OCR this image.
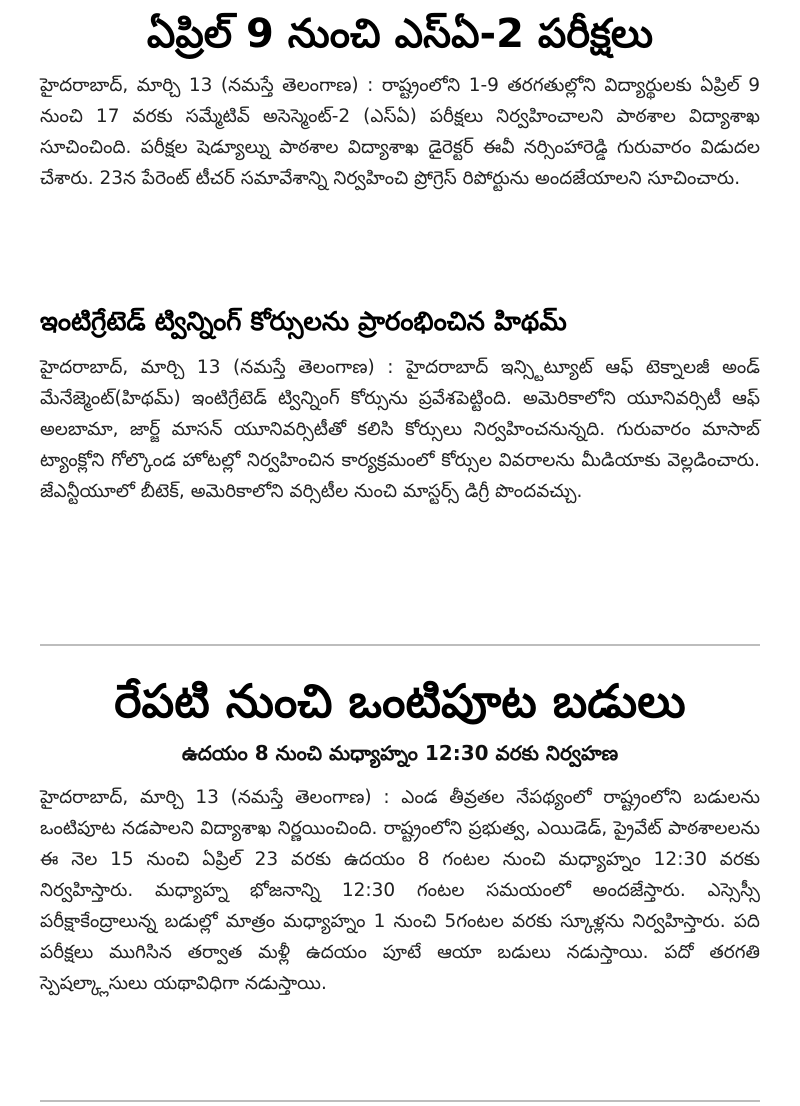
ఏప్రిల్ 9 నుంచి ఎస్ఏ-2 పరీక్షలు

హైదరాబాద్, మార్చి 13 (నమస్తే తెలంగాణ) : రాష్ట్రంలోని 1-9 తరగతుల్లోని విద్యార్థులకు ఏప్రిల్ 9 నుంచి 17 వరకు సమ్మేటివ్ అసెస్మెంట్-2 (ఎస్ఏ) పరీక్షలు నిర్వహించాలని పాఠశాల విద్యాశాఖ సూచించింది. పరీక్షల షెడ్యూల్ను పాఠశాల విద్యాశాఖ డైరెక్టర్ ఈవీ నర్సింహారెడ్డి గురువారం విడుదల చేశారు. 23న పేరెంట్ టీచర్ సమావేశాన్ని నిర్వహించి ప్రోగ్రెస్ రిపోర్టును అందజేయాలని సూచించారు.

ఇంటిగ్రేటెడ్ ట్విన్నింగ్ కోర్సులను ప్రారంభించిన హిథమ్

హైదరాబాద్, మార్చి 13 (నమస్తే తెలంగాణ) : హైదరాబాద్ ఇన్స్టిట్యూట్ ఆఫ్ టెక్నాలజీ అండ్ మేనేజ్మెంట్(హిథమ్) ఇంటిగ్రేటెడ్ ట్విన్నింగ్ కోర్సును ప్రవేశపెట్టింది. అమెరికాలోని యూనివర్సిటీ ఆఫ్ అలబామా, జార్జ్ మాసన్ యూనివర్సిటీతో కలిసి కోర్సులు నిర్వహించనున్నది. గురువారం మాసాబ్ ట్యాంక్లోని గోల్కొండ హోటల్లో నిర్వహించిన కార్యక్రమంలో కోర్సుల వివరాలను మీడియాకు వెల్లడించారు. జేఎన్టీయూలో బీటెక్, అమెరికాలోని వర్సిటీల నుంచి మాస్టర్స్ డిగ్రీ పొందవచ్చు.

రేపటి నుంచి ఒంటిపూట బడులు
ఉదయం 8 నుంచి మధ్యాహ్నం 12:30 వరకు నిర్వహణ

హైదరాబాద్, మార్చి 13 (నమస్తే తెలంగాణ) : ఎండ తీవ్రతల నేపథ్యంలో రాష్ట్రంలోని బడులను ఒంటిపూట నడపాలని విద్యాశాఖ నిర్ణయించింది. రాష్ట్రంలోని ప్రభుత్వ, ఎయిడెడ్, ప్రైవేట్ పాఠశాలలను ఈ నెల 15 నుంచి ఏప్రిల్ 23 వరకు ఉదయం 8 గంటల నుంచి మధ్యాహ్నం 12:30 వరకు నిర్వహిస్తారు. మధ్యాహ్న భోజనాన్ని 12:30 గంటల సమయంలో అందజేస్తారు. ఎస్సెస్సీ పరీక్షాకేంద్రాలున్న బడుల్లో మాత్రం మధ్యాహ్నం 1 నుంచి 5గంటల వరకు స్కూళ్లను నిర్వహిస్తారు. పది పరీక్షలు ముగిసిన తర్వాత మళ్లీ ఉదయం పూటే ఆయా బడులు నడుస్తాయి. పదో తరగతి స్పెషల్క్లాసులు యథావిధిగా నడుస్తాయి.
